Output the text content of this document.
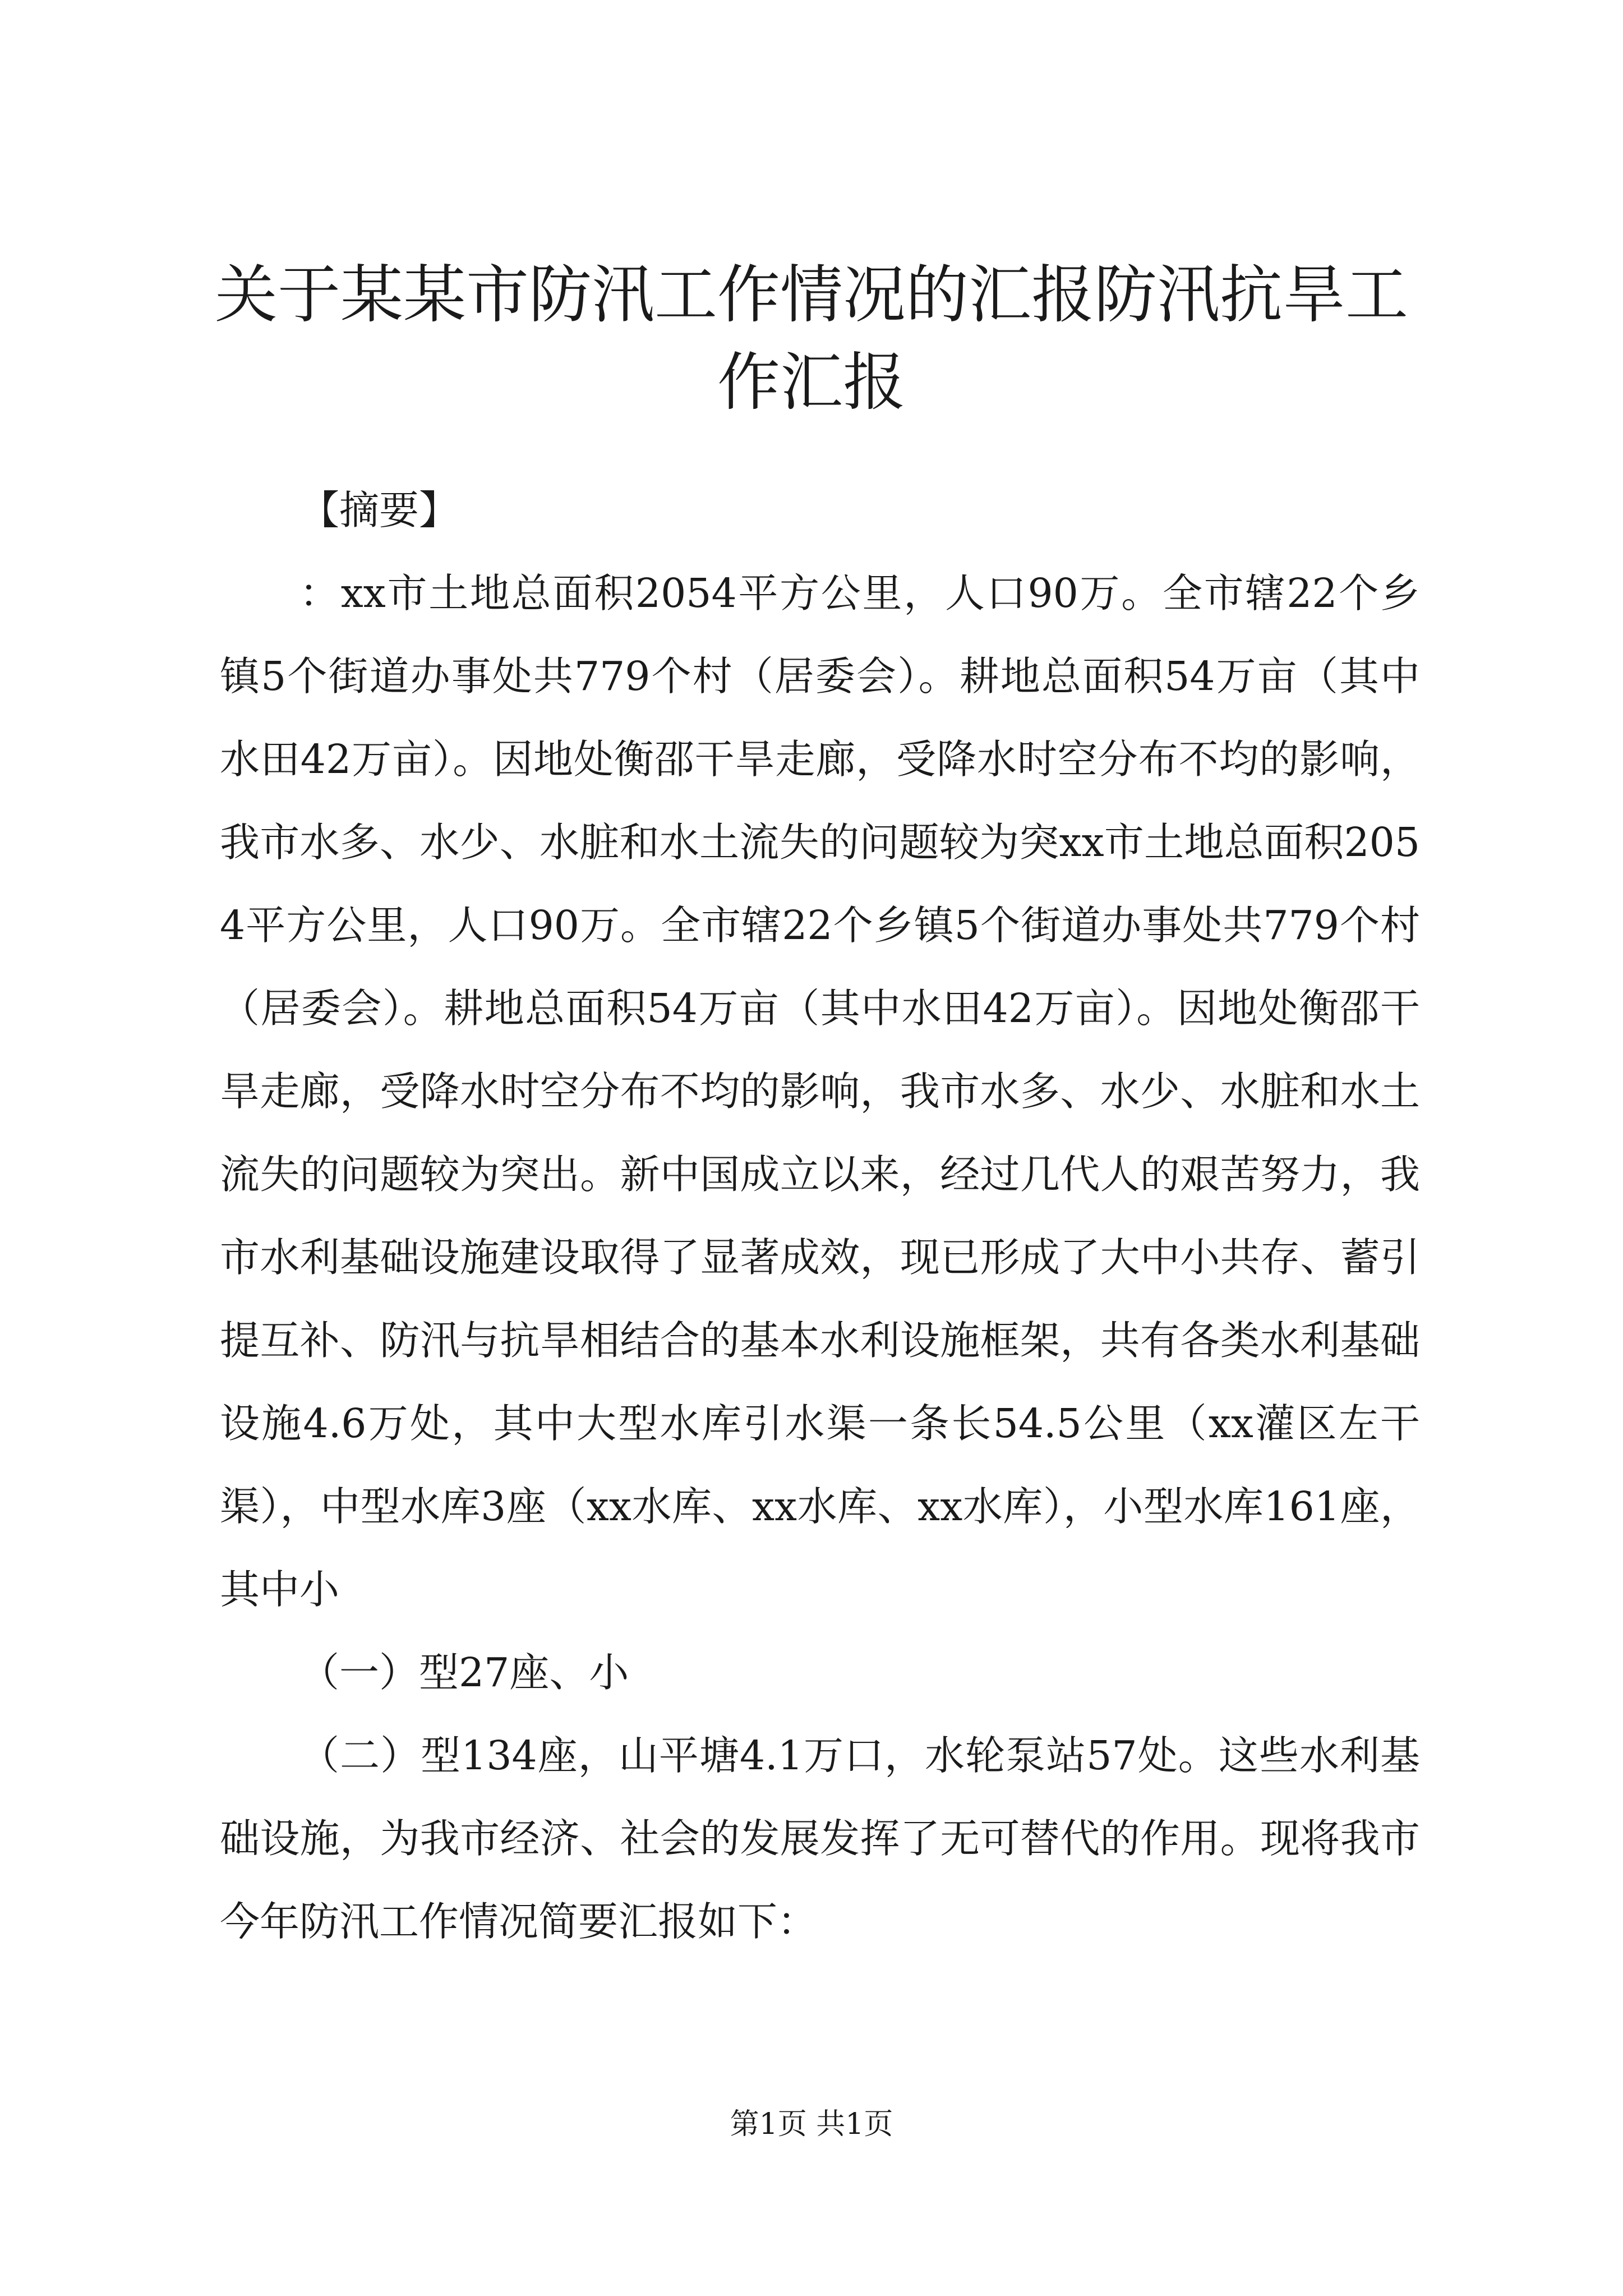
关于某某市防汛工作情况的汇报防汛抗旱工作汇报

【摘要】

：xx市土地总面积2054平方公里，人口90万。全市辖22个乡镇5个街道办事处共779个村（居委会）。耕地总面积54万亩（其中水田42万亩）。因地处衡邵干旱走廊，受降水时空分布不均的影响，我市水多、水少、水脏和水土流失的问题较为突xx市土地总面积2054平方公里，人口90万。全市辖22个乡镇5个街道办事处共779个村（居委会）。耕地总面积54万亩（其中水田42万亩）。因地处衡邵干旱走廊，受降水时空分布不均的影响，我市水多、水少、水脏和水土流失的问题较为突出。新中国成立以来，经过几代人的艰苦努力，我市水利基础设施建设取得了显著成效，现已形成了大中小共存、蓄引提互补、防汛与抗旱相结合的基本水利设施框架，共有各类水利基础设施4.6万处，其中大型水库引水渠一条长54.5公里（xx灌区左干渠），中型水库3座（xx水库、xx水库、xx水库），小型水库161座，其中小

（一）型27座、小

（二）型134座，山平塘4.1万口，水轮泵站57处。这些水利基础设施，为我市经济、社会的发展发挥了无可替代的作用。现将我市今年防汛工作情况简要汇报如下：

第1页 共1页
